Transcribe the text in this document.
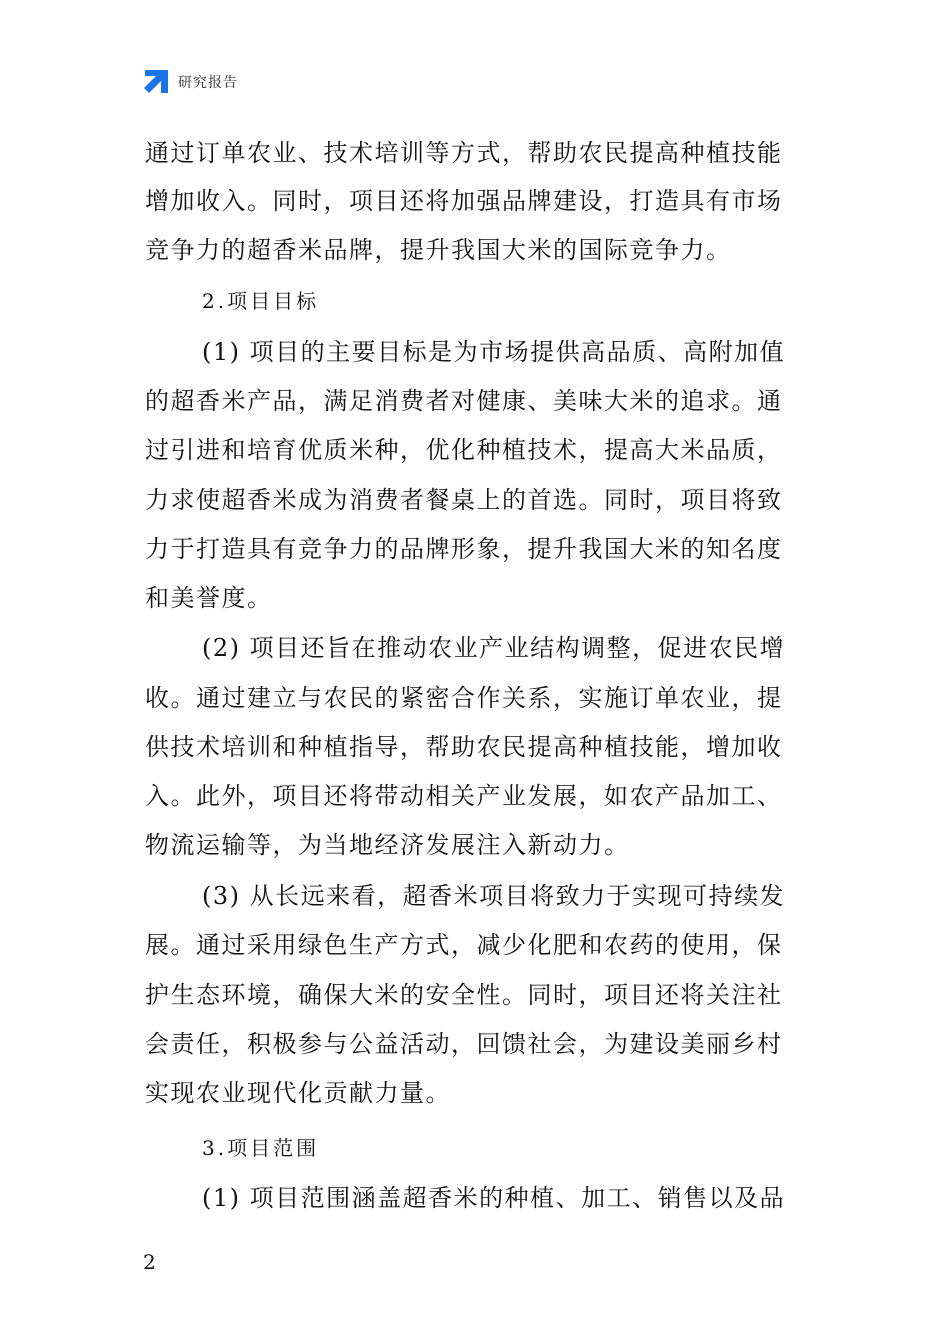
研究报告
通过订单农业、技术培训等方式，帮助农民提高种植技能
增加收入。同时，项目还将加强品牌建设，打造具有市场
竞争力的超香米品牌，提升我国大米的国际竞争力。
2.项目目标
(1) 项目的主要目标是为市场提供高品质、高附加值
的超香米产品，满足消费者对健康、美味大米的追求。通
过引进和培育优质米种，优化种植技术，提高大米品质，
力求使超香米成为消费者餐桌上的首选。同时，项目将致
力于打造具有竞争力的品牌形象，提升我国大米的知名度
和美誉度。
(2) 项目还旨在推动农业产业结构调整，促进农民增
收。通过建立与农民的紧密合作关系，实施订单农业，提
供技术培训和种植指导，帮助农民提高种植技能，增加收
入。此外，项目还将带动相关产业发展，如农产品加工、
物流运输等，为当地经济发展注入新动力。
(3) 从长远来看，超香米项目将致力于实现可持续发
展。通过采用绿色生产方式，减少化肥和农药的使用，保
护生态环境，确保大米的安全性。同时，项目还将关注社
会责任，积极参与公益活动，回馈社会，为建设美丽乡村
实现农业现代化贡献力量。
3.项目范围
(1) 项目范围涵盖超香米的种植、加工、销售以及品
2
